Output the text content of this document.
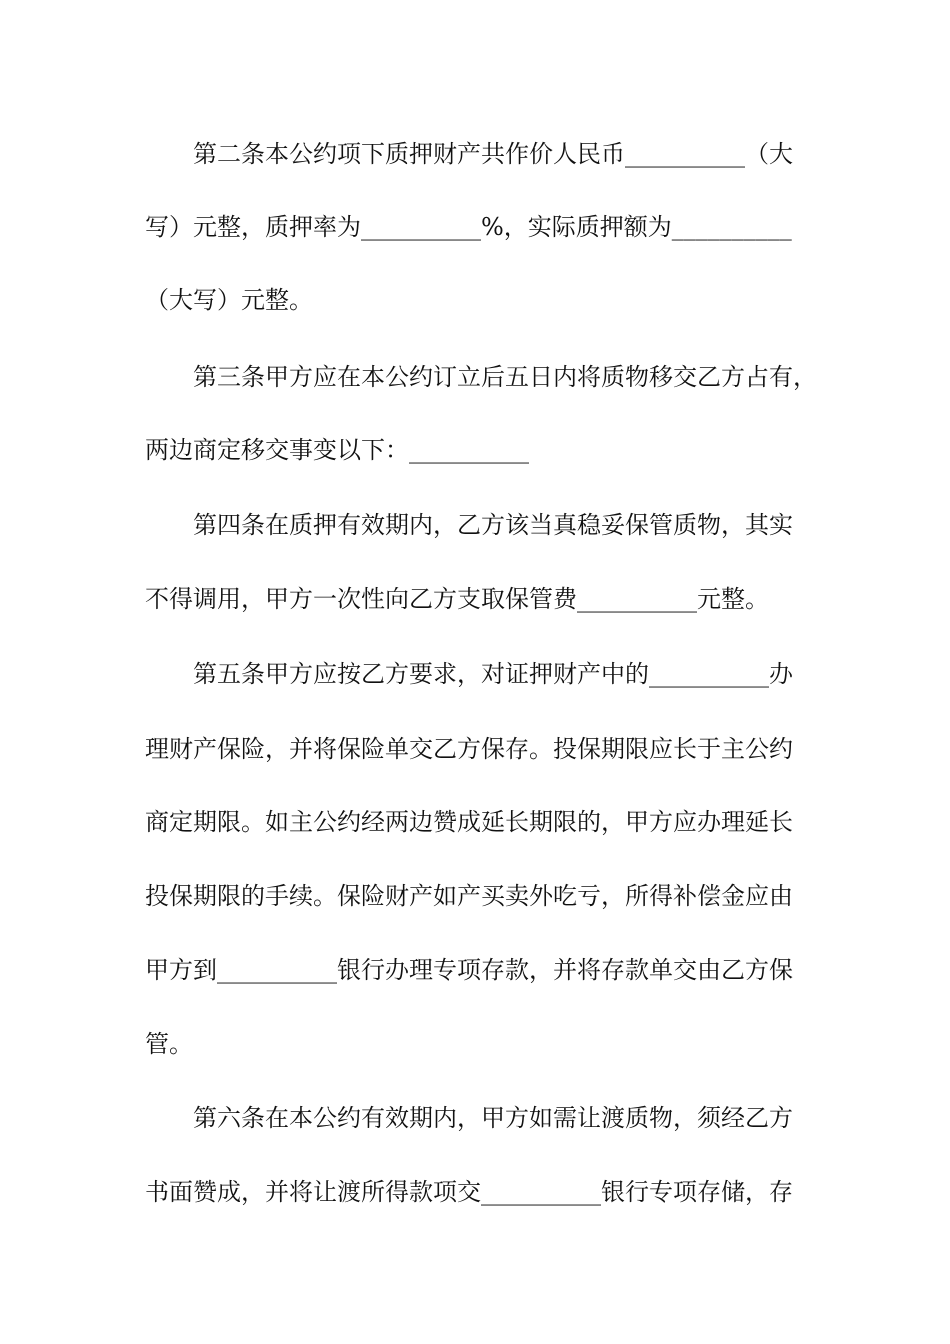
第二条本公约项下质押财产共作价人民币__________（大
写）元整，质押率为__________%，实际质押额为__________
（大写）元整。
第三条甲方应在本公约订立后五日内将质物移交乙方占有，
两边商定移交事变以下：__________
第四条在质押有效期内，乙方该当真稳妥保管质物，其实
不得调用，甲方一次性向乙方支取保管费__________元整。
第五条甲方应按乙方要求，对证押财产中的__________办
理财产保险，并将保险单交乙方保存。投保期限应长于主公约
商定期限。如主公约经两边赞成延长期限的，甲方应办理延长
投保期限的手续。保险财产如产买卖外吃亏，所得补偿金应由
甲方到__________银行办理专项存款，并将存款单交由乙方保
管。
第六条在本公约有效期内，甲方如需让渡质物，须经乙方
书面赞成，并将让渡所得款项交__________银行专项存储，存
